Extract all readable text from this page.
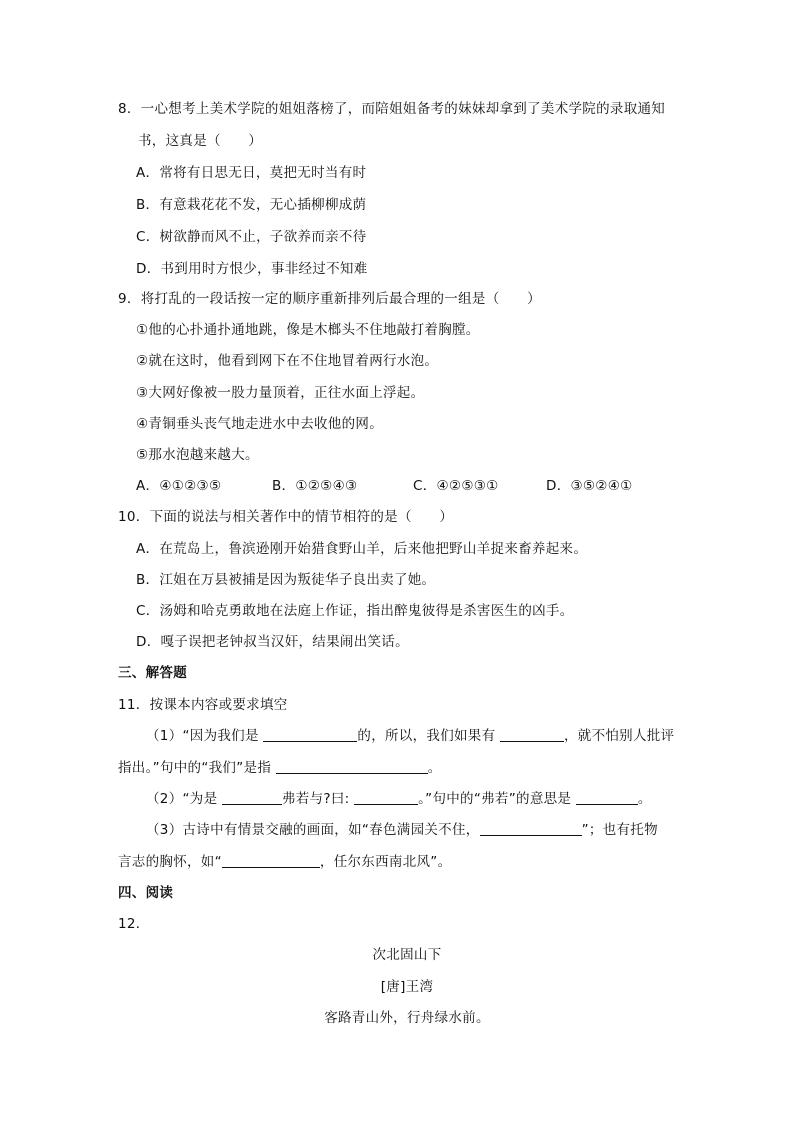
8．一心想考上美术学院的姐姐落榜了，而陪姐姐备考的妹妹却拿到了美术学院的录取通知
书，这真是（　　）
A．常将有日思无日，莫把无时当有时
B．有意栽花花不发，无心插柳柳成荫
C．树欲静而风不止，子欲养而亲不待
D．书到用时方恨少，事非经过不知难
9．将打乱的一段话按一定的顺序重新排列后最合理的一组是（　　）
①他的心扑通扑通地跳，像是木榔头不住地敲打着胸膛。
②就在这时，他看到网下在不住地冒着两行水泡。
③大网好像被一股力量顶着，正往水面上浮起。
④青铜垂头丧气地走进水中去收他的网。
⑤那水泡越来越大。
A．④①②③⑤	B．①②⑤④③	C．④②⑤③①	D．③⑤②④①
10．下面的说法与相关著作中的情节相符的是（　　）
A．在荒岛上，鲁滨逊刚开始猎食野山羊，后来他把野山羊捉来畜养起来。
B．江姐在万县被捕是因为叛徒华子良出卖了她。
C．汤姆和哈克勇敢地在法庭上作证，指出醉鬼彼得是杀害医生的凶手。
D．嘎子误把老钟叔当汉奸，结果闹出笑话。
三、解答题
11．按课本内容或要求填空
（1）“因为我们是	的，所以，我们如果有	，就不怕别人批评
指出。”句中的“我们”是指	。
（2）“为是	弗若与?曰:	。”句中的“弗若”的意思是	。
（3）古诗中有情景交融的画面，如“春色满园关不住，	”；也有托物
言志的胸怀，如“	，任尔东西南北风”。
四、阅读
12．
次北固山下
[唐]王湾
客路青山外，行舟绿水前。
